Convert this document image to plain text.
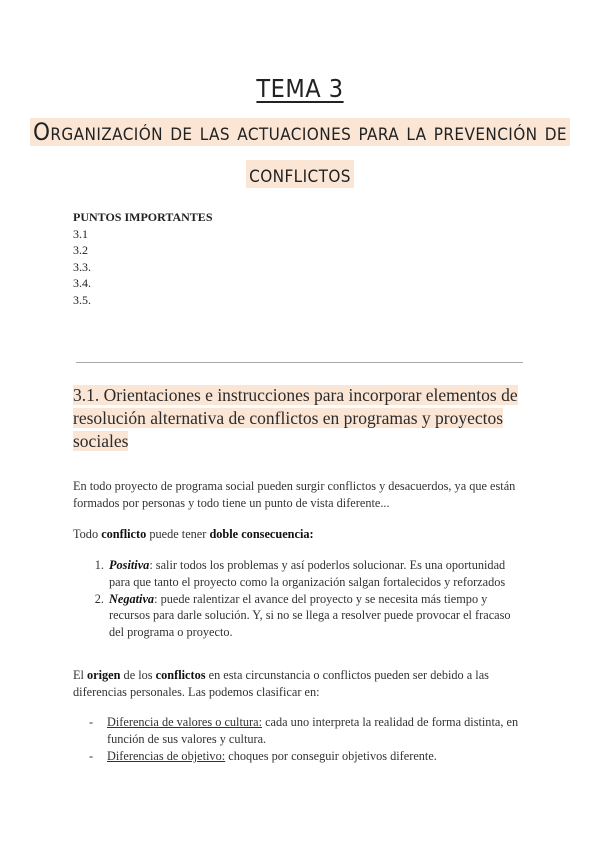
TEMA 3
Organización de las actuaciones para la prevención de
conflictos
PUNTOS IMPORTANTES
3.1
3.2
3.3.
3.4.
3.5.
3.1. Orientaciones e instrucciones para incorporar elementos de resolución alternativa de conflictos en programas y proyectos sociales
En todo proyecto de programa social pueden surgir conflictos y desacuerdos, ya que están formados por personas y todo tiene un punto de vista diferente...
Todo conflicto puede tener doble consecuencia:
1. Positiva: salir todos los problemas y así poderlos solucionar. Es una oportunidad para que tanto el proyecto como la organización salgan fortalecidos y reforzados
2. Negativa: puede ralentizar el avance del proyecto y se necesita más tiempo y recursos para darle solución. Y, si no se llega a resolver puede provocar el fracaso del programa o proyecto.
El origen de los conflictos en esta circunstancia o conflictos pueden ser debido a las diferencias personales. Las podemos clasificar en:
- Diferencia de valores o cultura: cada uno interpreta la realidad de forma distinta, en función de sus valores y cultura.
- Diferencias de objetivo: choques por conseguir objetivos diferente.
